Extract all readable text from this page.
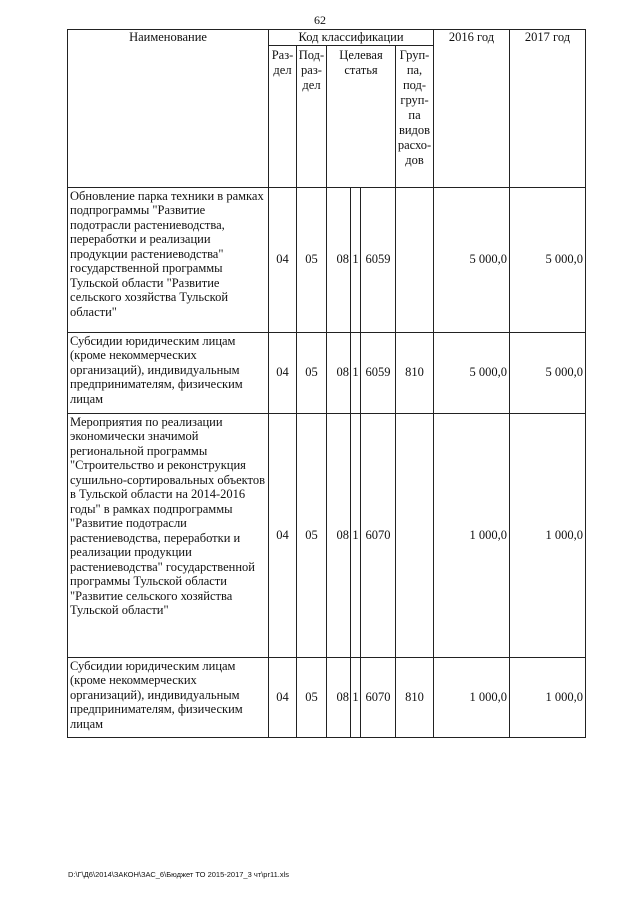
62
Наименование	Код классификации						2016 год	2017 год
	Раз- дел	Под- раз- дел	Целевая статья			Груп- па, под- груп- па видов расхо- дов		
Обновление парка техники в рамках подпрограммы "Развитие подотрасли растениеводства, переработки и реализации продукции растениеводства" государственной программы Тульской области "Развитие сельского хозяйства Тульской области"	04	05	08	1	6059		5 000,0	5 000,0
Субсидии юридическим лицам (кроме некоммерческих организаций), индивидуальным предпринимателям, физическим лицам	04	05	08	1	6059	810	5 000,0	5 000,0
Мероприятия по реализации экономически значимой региональной программы "Строительство и реконструкция сушильно-сортировальных объектов в Тульской области на 2014-2016 годы" в рамках подпрограммы "Развитие подотрасли растениеводства, переработки и реализации продукции растениеводства" государственной программы Тульской области "Развитие сельского хозяйства Тульской области"	04	05	08	1	6070		1 000,0	1 000,0
Субсидии юридическим лицам (кроме некоммерческих организаций), индивидуальным предпринимателям, физическим лицам	04	05	08	1	6070	810	1 000,0	1 000,0
D:\Г\Д6\2014\ЗАКОН\ЗАС_6\Бюджет ТО 2015-2017_3 чт\pr11.xls
